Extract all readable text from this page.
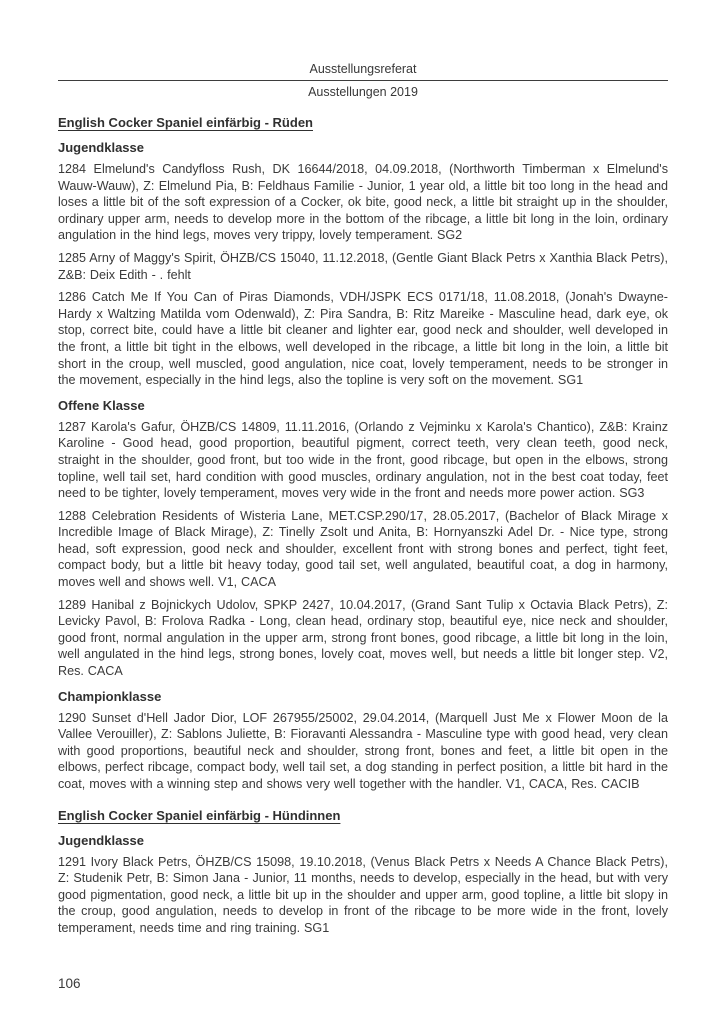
Ausstellungsreferat
Ausstellungen 2019
English Cocker Spaniel einfärbig - Rüden
Jugendklasse

1284 Elmelund's Candyfloss Rush, DK 16644/2018, 04.09.2018, (Northworth Timberman x Elmelund's Wauw-Wauw), Z: Elmelund Pia, B: Feldhaus Familie - Junior, 1 year old, a little bit too long in the head and loses a little bit of the soft expression of a Cocker, ok bite, good neck, a little bit straight up in the shoulder, ordinary upper arm, needs to develop more in the bottom of the ribcage, a little bit long in the loin, ordinary angulation in the hind legs, moves very trippy, lovely temperament. SG2

1285 Arny of Maggy's Spirit, ÖHZB/CS 15040, 11.12.2018, (Gentle Giant Black Petrs x Xanthia Black Petrs), Z&B: Deix Edith - . fehlt

1286 Catch Me If You Can of Piras Diamonds, VDH/JSPK ECS 0171/18, 11.08.2018, (Jonah's Dwayne-Hardy x Waltzing Matilda vom Odenwald), Z: Pira Sandra, B: Ritz Mareike - Masculine head, dark eye, ok stop, correct bite, could have a little bit cleaner and lighter ear, good neck and shoulder, well developed in the front, a little bit tight in the elbows, well developed in the ribcage, a little bit long in the loin, a little bit short in the croup, well muscled, good angulation, nice coat, lovely temperament, needs to be stronger in the movement, especially in the hind legs, also the topline is very soft on the movement. SG1

Offene Klasse

1287 Karola's Gafur, ÖHZB/CS 14809, 11.11.2016, (Orlando z Vejminku x Karola's Chantico), Z&B: Krainz Karoline - Good head, good proportion, beautiful pigment, correct teeth, very clean teeth, good neck, straight in the shoulder, good front, but too wide in the front, good ribcage, but open in the elbows, strong topline, well tail set, hard condition with good muscles, ordinary angulation, not in the best coat today, feet need to be tighter, lovely temperament, moves very wide in the front and needs more power action. SG3

1288 Celebration Residents of Wisteria Lane, MET.CSP.290/17, 28.05.2017, (Bachelor of Black Mirage x Incredible Image of Black Mirage), Z: Tinelly Zsolt und Anita, B: Hornyanszki Adel Dr. - Nice type, strong head, soft expression, good neck and shoulder, excellent front with strong bones and perfect, tight feet, compact body, but a little bit heavy today, good tail set, well angulated, beautiful coat, a dog in harmony, moves well and shows well. V1, CACA

1289 Hanibal z Bojnickych Udolov, SPKP 2427, 10.04.2017, (Grand Sant Tulip x Octavia Black Petrs), Z: Levicky Pavol, B: Frolova Radka - Long, clean head, ordinary stop, beautiful eye, nice neck and shoulder, good front, normal angulation in the upper arm, strong front bones, good ribcage, a little bit long in the loin, well angulated in the hind legs, strong bones, lovely coat, moves well, but needs a little bit longer step. V2, Res. CACA

Championklasse

1290 Sunset d'Hell Jador Dior, LOF 267955/25002, 29.04.2014, (Marquell Just Me x Flower Moon de la Vallee Verouiller), Z: Sablons Juliette, B: Fioravanti Alessandra - Masculine type with good head, very clean with good proportions, beautiful neck and shoulder, strong front, bones and feet, a little bit open in the elbows, perfect ribcage, compact body, well tail set, a dog standing in perfect position, a little bit hard in the coat, moves with a winning step and shows very well together with the handler. V1, CACA, Res. CACIB

English Cocker Spaniel einfärbig - Hündinnen
Jugendklasse

1291 Ivory Black Petrs, ÖHZB/CS 15098, 19.10.2018, (Venus Black Petrs x Needs A Chance Black Petrs), Z: Studenik Petr, B: Simon Jana - Junior, 11 months, needs to develop, especially in the head, but with very good pigmentation, good neck, a little bit up in the shoulder and upper arm, good topline, a little bit slopy in the croup, good angulation, needs to develop in front of the ribcage to be more wide in the front, lovely temperament, needs time and ring training. SG1

106
